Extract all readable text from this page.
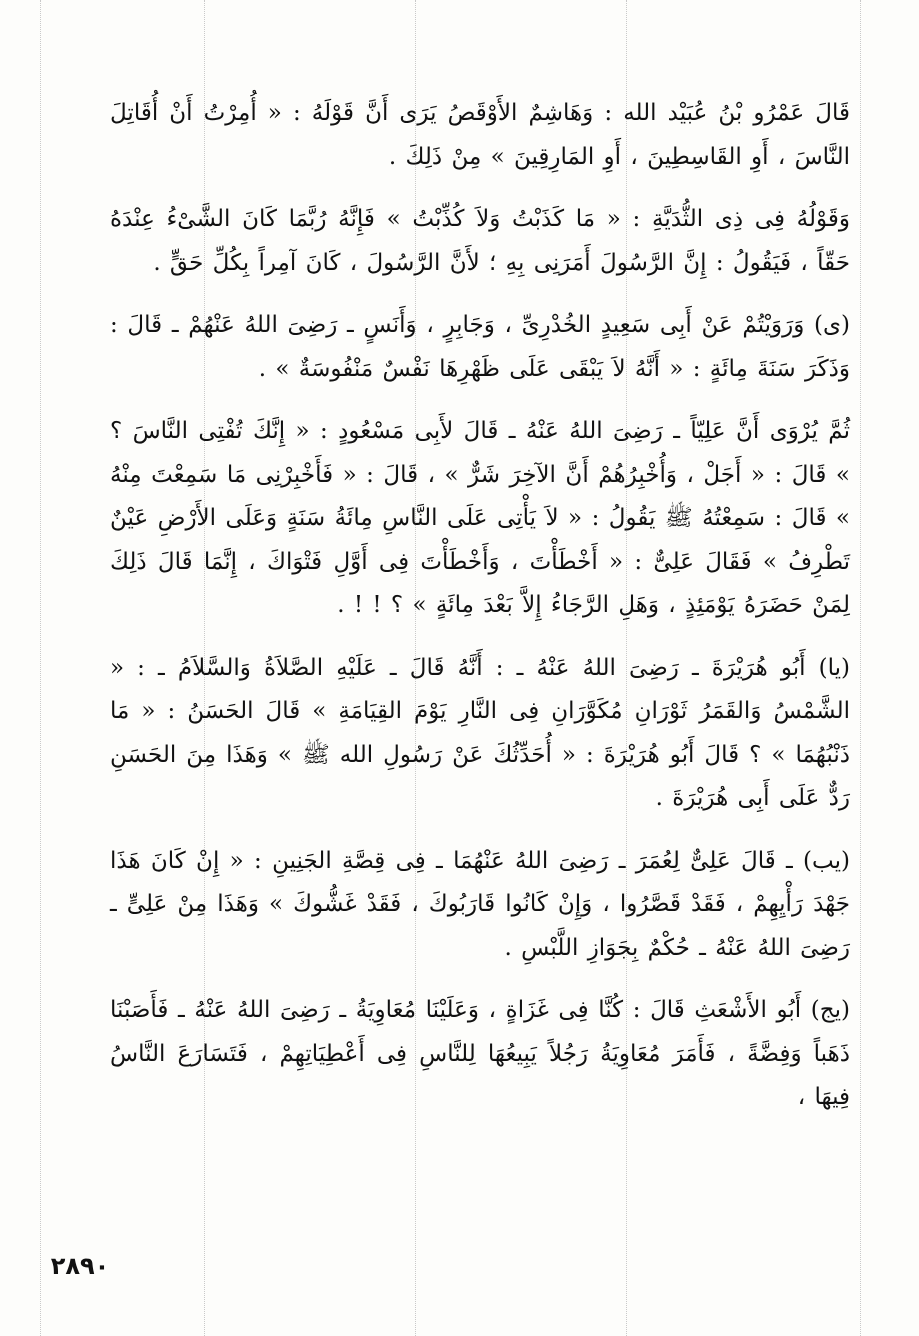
قَالَ عَمْرُو بْنُ عُبَيْد الله : وَهَاشِمٌ الأَوْقَصُ يَرَى أَنَّ قَوْلَهُ : « أُمِرْتُ أَنْ أُقَاتِلَ النَّاسَ ، أَوِ القَاسِطِينَ ، أَوِ المَارِقِينَ » مِنْ ذَلِكَ .

وَقَوْلُهُ فِى ذِى الثُّدَيَّةِ : « مَا كَذَبْتُ وَلاَ كُذِّبْتُ » فَإِنَّهُ رُبَّمَا كَانَ الشَّىْءُ عِنْدَهُ حَقّاً ، فَيَقُولُ : إِنَّ الرَّسُولَ أَمَرَنِى بِهِ ؛ لأَنَّ الرَّسُولَ ، كَانَ آمِراً بِكُلِّ حَقٍّ .

(ى) وَرَوَيْتُمْ عَنْ أَبِى سَعِيدٍ الخُدْرِىِّ ، وَجَابِرٍ ، وَأَنَسٍ ـ رَضِىَ اللهُ عَنْهُمْ ـ قَالَ : وَذَكَرَ سَنَةَ مِائَةٍ : « أَنَّهُ لاَ يَبْقَى عَلَى ظَهْرِهَا نَفْسٌ مَنْفُوسَةٌ » .

ثُمَّ يُرْوَى أَنَّ عَلِيّاً ـ رَضِىَ اللهُ عَنْهُ ـ قَالَ لأَبِى مَسْعُودٍ : « إِنَّكَ تُفْتِى النَّاسَ ؟ » قَالَ : « أَجَلْ ، وَأُخْبِرُهُمْ أَنَّ الآخِرَ شَرٌّ » ، قَالَ : « فَأَخْبِرْنِى مَا سَمِعْتَ مِنْهُ » قَالَ : سَمِعْتُهُ ﷺ يَقُولُ : « لاَ يَأْتِى عَلَى النَّاسِ مِائَةُ سَنَةٍ وَعَلَى الأَرْضِ عَيْنٌ تَطْرِفُ » فَقَالَ عَلِىٌّ : « أَخْطَأْتَ ، وَأَخْطَأْتَ فِى أَوَّلِ فَتْوَاكَ ، إِنَّمَا قَالَ ذَلِكَ لِمَنْ حَضَرَهُ يَوْمَئِذٍ ، وَهَلِ الرَّجَاءُ إِلاَّ بَعْدَ مِائَةٍ » ؟ ! ! .

(يا) أَبُو هُرَيْرَةَ ـ رَضِىَ اللهُ عَنْهُ ـ : أَنَّهُ قَالَ ـ عَلَيْهِ الصَّلاَةُ وَالسَّلاَمُ ـ : « الشَّمْسُ وَالقَمَرُ ثَوْرَانِ مُكَوَّرَانِ فِى النَّارِ يَوْمَ القِيَامَةِ » قَالَ الحَسَنُ : « مَا ذَنْبُهُمَا » ؟ قَالَ أَبُو هُرَيْرَةَ : « أُحَدِّثُكَ عَنْ رَسُولِ الله ﷺ » وَهَذَا مِنَ الحَسَنِ رَدٌّ عَلَى أَبِى هُرَيْرَةَ .

(يب) ـ قَالَ عَلِىٌّ لِعُمَرَ ـ رَضِىَ اللهُ عَنْهُمَا ـ فِى قِصَّةِ الجَنِينِ : « إِنْ كَانَ هَذَا جَهْدَ رَأْيِهِمْ ، فَقَدْ قَصَّرُوا ، وَإِنْ كَانُوا قَارَبُوكَ ، فَقَدْ غَشُّوكَ » وَهَذَا مِنْ عَلِىٍّ ـ رَضِىَ اللهُ عَنْهُ ـ حُكْمٌ بِجَوَازِ اللَّبْسِ .

(يج) أَبُو الأَشْعَثِ قَالَ : كُنَّا فِى غَزَاةٍ ، وَعَلَيْنَا مُعَاوِيَةُ ـ رَضِىَ اللهُ عَنْهُ ـ فَأَصَبْنَا ذَهَباً وَفِضَّةً ، فَأَمَرَ مُعَاوِيَةُ رَجُلاً يَبِيعُهَا لِلنَّاسِ فِى أَعْطِيَاتِهِمْ ، فَتَسَارَعَ النَّاسُ فِيهَا ،

٢٨٩٠
